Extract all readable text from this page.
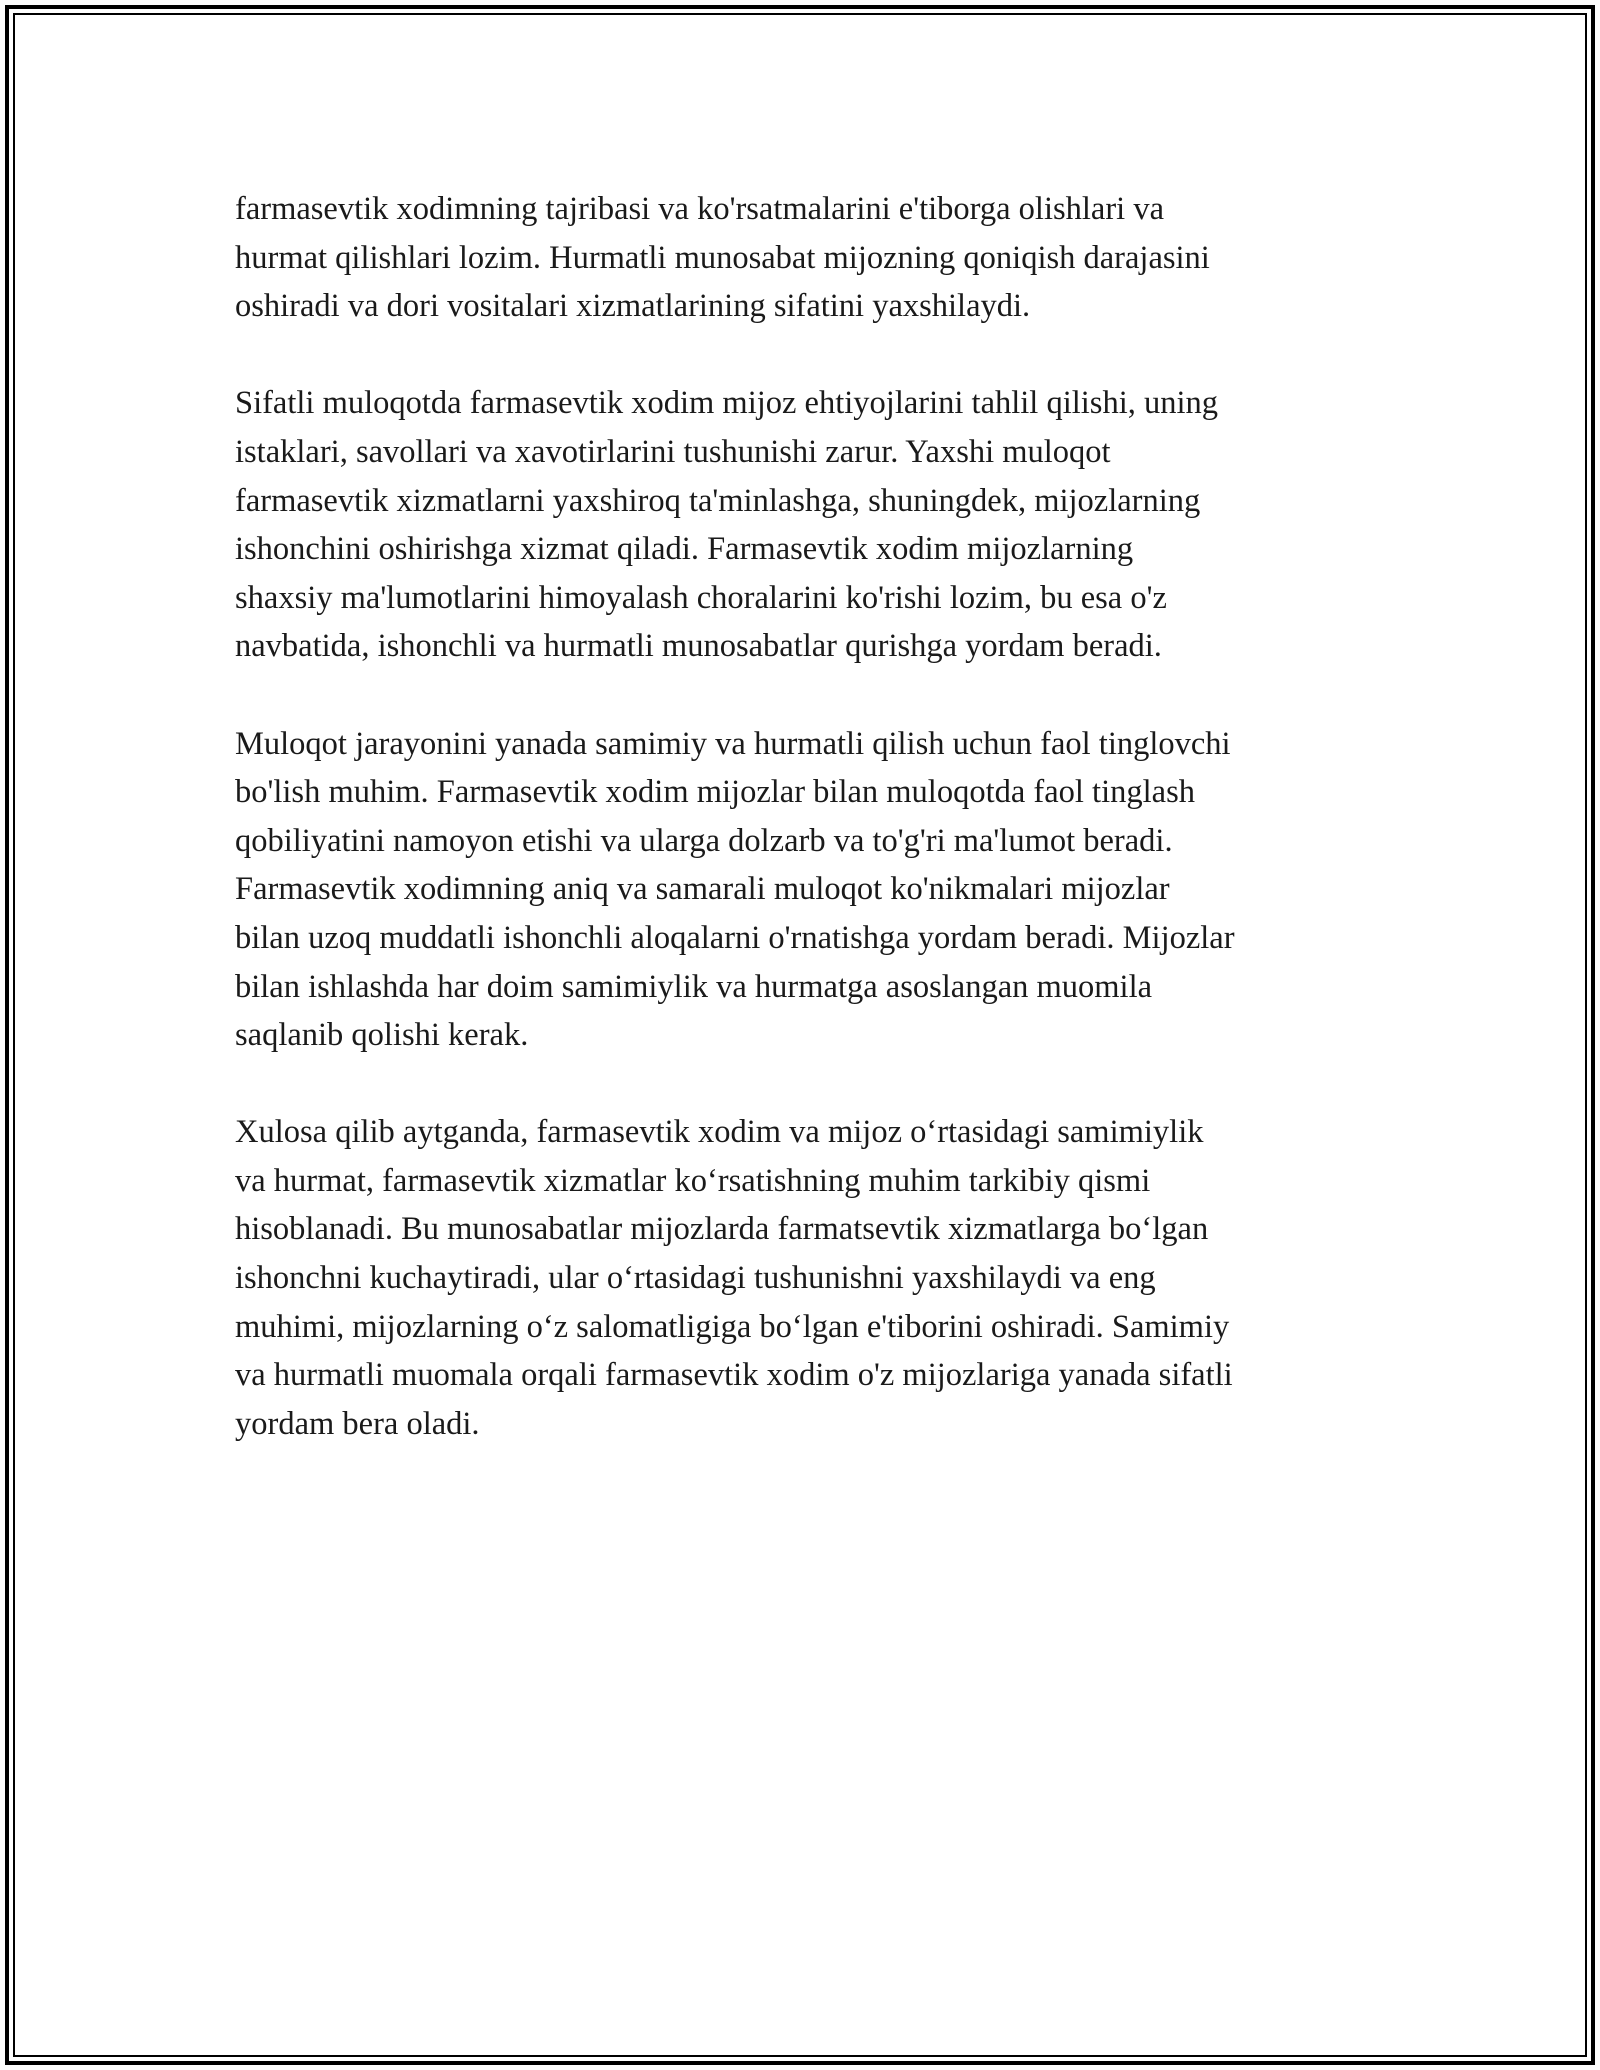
farmasevtik xodimning tajribasi va ko'rsatmalarini e'tiborga olishlari va
hurmat qilishlari lozim. Hurmatli munosabat mijozning qoniqish darajasini
oshiradi va dori vositalari xizmatlarining sifatini yaxshilaydi.

Sifatli muloqotda farmasevtik xodim mijoz ehtiyojlarini tahlil qilishi, uning
istaklari, savollari va xavotirlarini tushunishi zarur. Yaxshi muloqot
farmasevtik xizmatlarni yaxshiroq ta'minlashga, shuningdek, mijozlarning
ishonchini oshirishga xizmat qiladi. Farmasevtik xodim mijozlarning
shaxsiy ma'lumotlarini himoyalash choralarini ko'rishi lozim, bu esa o'z
navbatida, ishonchli va hurmatli munosabatlar qurishga yordam beradi.

Muloqot jarayonini yanada samimiy va hurmatli qilish uchun faol tinglovchi
bo'lish muhim. Farmasevtik xodim mijozlar bilan muloqotda faol tinglash
qobiliyatini namoyon etishi va ularga dolzarb va to'g'ri ma'lumot beradi.
Farmasevtik xodimning aniq va samarali muloqot ko'nikmalari mijozlar
bilan uzoq muddatli ishonchli aloqalarni o'rnatishga yordam beradi. Mijozlar
bilan ishlashda har doim samimiylik va hurmatga asoslangan muomila
saqlanib qolishi kerak.

Xulosa qilib aytganda, farmasevtik xodim va mijoz o‘rtasidagi samimiylik
va hurmat, farmasevtik xizmatlar ko‘rsatishning muhim tarkibiy qismi
hisoblanadi. Bu munosabatlar mijozlarda farmatsevtik xizmatlarga bo‘lgan
ishonchni kuchaytiradi, ular o‘rtasidagi tushunishni yaxshilaydi va eng
muhimi, mijozlarning o‘z salomatligiga bo‘lgan e'tiborini oshiradi. Samimiy
va hurmatli muomala orqali farmasevtik xodim o'z mijozlariga yanada sifatli
yordam bera oladi.
